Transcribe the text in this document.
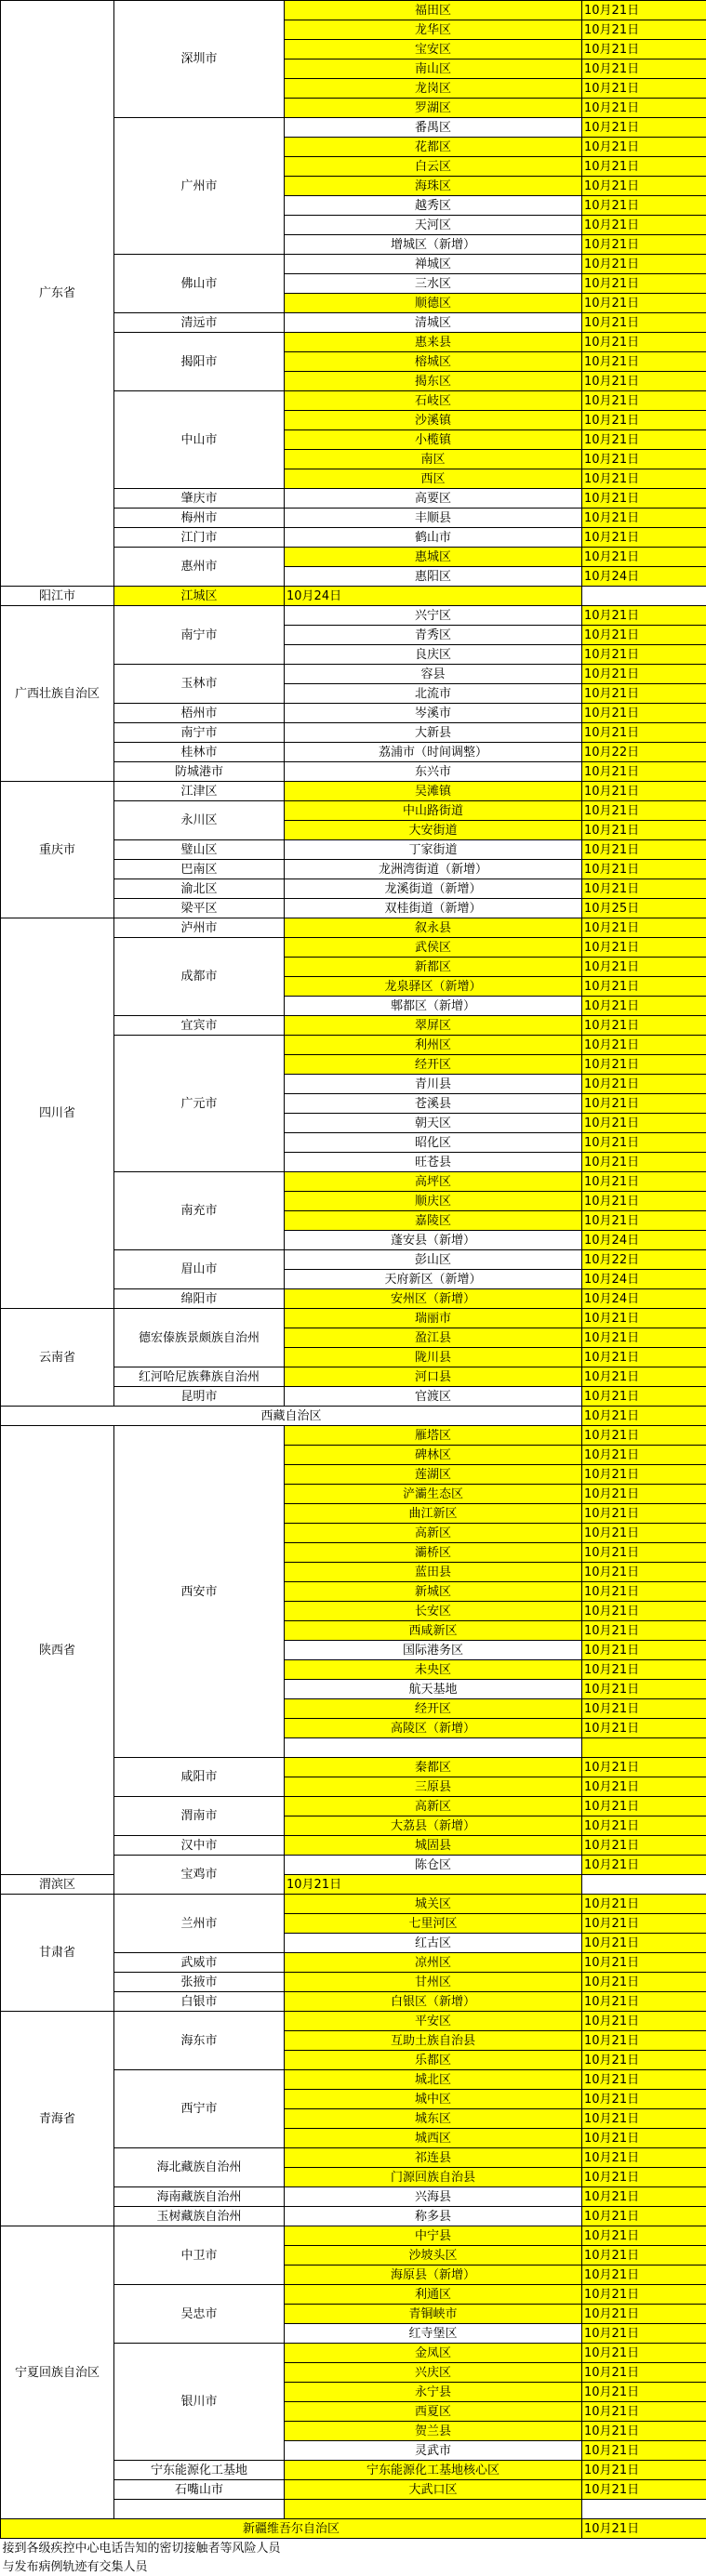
广东省	深圳市	福田区	10月21日
		龙华区	10月21日
		宝安区	10月21日
		南山区	10月21日
		龙岗区	10月21日
		罗湖区	10月21日
	广州市	番禺区	10月21日
		花都区	10月21日
		白云区	10月21日
		海珠区	10月21日
		越秀区	10月21日
		天河区	10月21日
		增城区（新增）	10月21日
	佛山市	禅城区	10月21日
		三水区	10月21日
		顺德区	10月21日
	清远市	清城区	10月21日
	揭阳市	惠来县	10月21日
		榕城区	10月21日
		揭东区	10月21日
	中山市	石岐区	10月21日
		沙溪镇	10月21日
		小榄镇	10月21日
		南区	10月21日
		西区	10月21日
	肇庆市	高要区	10月21日
	梅州市	丰顺县	10月21日
	江门市	鹤山市	10月21日
	惠州市	惠城区	10月21日
		惠阳区	10月24日
阳江市	江城区	10月24日	
广西壮族自治区	南宁市	兴宁区	10月21日
		青秀区	10月21日
		良庆区	10月21日
	玉林市	容县	10月21日
		北流市	10月21日
	梧州市	岑溪市	10月21日
	南宁市	大新县	10月21日
	桂林市	荔浦市（时间调整）	10月22日
	防城港市	东兴市	10月21日
重庆市	江津区	吴滩镇	10月21日
	永川区	中山路街道	10月21日
		大安街道	10月21日
	璧山区	丁家街道	10月21日
	巴南区	龙洲湾街道（新增）	10月21日
	渝北区	龙溪街道（新增）	10月21日
	梁平区	双桂街道（新增）	10月25日
四川省	泸州市	叙永县	10月21日
	成都市	武侯区	10月21日
		新都区	10月21日
		龙泉驿区（新增）	10月21日
		郫都区（新增）	10月21日
	宜宾市	翠屏区	10月21日
	广元市	利州区	10月21日
		经开区	10月21日
		青川县	10月21日
		苍溪县	10月21日
		朝天区	10月21日
		昭化区	10月21日
		旺苍县	10月21日
	南充市	高坪区	10月21日
		顺庆区	10月21日
		嘉陵区	10月21日
		蓬安县（新增）	10月24日
	眉山市	彭山区	10月22日
		天府新区（新增）	10月24日
	绵阳市	安州区（新增）	10月24日
云南省	德宏傣族景颇族自治州	瑞丽市	10月21日
		盈江县	10月21日
		陇川县	10月21日
	红河哈尼族彝族自治州	河口县	10月21日
	昆明市	官渡区	10月21日
西藏自治区			10月21日
陕西省	西安市	雁塔区	10月21日
		碑林区	10月21日
		莲湖区	10月21日
		浐灞生态区	10月21日
		曲江新区	10月21日
		高新区	10月21日
		灞桥区	10月21日
		蓝田县	10月21日
		新城区	10月21日
		长安区	10月21日
		西咸新区	10月21日
		国际港务区	10月21日
		未央区	10月21日
		航天基地	10月21日
		经开区	10月21日
		高陵区（新增）	10月21日

	咸阳市	秦都区	10月21日
		三原县	10月21日
	渭南市	高新区	10月21日
		大荔县（新增）	10月21日
	汉中市	城固县	10月21日
	宝鸡市	陈仓区	10月21日
渭滨区		10月21日	
甘肃省	兰州市	城关区	10月21日
		七里河区	10月21日
		红古区	10月21日
	武威市	凉州区	10月21日
	张掖市	甘州区	10月21日
	白银市	白银区（新增）	10月21日
青海省	海东市	平安区	10月21日
		互助土族自治县	10月21日
		乐都区	10月21日
	西宁市	城北区	10月21日
		城中区	10月21日
		城东区	10月21日
		城西区	10月21日
	海北藏族自治州	祁连县	10月21日
		门源回族自治县	10月21日
	海南藏族自治州	兴海县	10月21日
	玉树藏族自治州	称多县	10月21日
宁夏回族自治区	中卫市	中宁县	10月21日
		沙坡头区	10月21日
		海原县（新增）	10月21日
	吴忠市	利通区	10月21日
		青铜峡市	10月21日
		红寺堡区	10月21日
	银川市	金凤区	10月21日
		兴庆区	10月21日
		永宁县	10月21日
		西夏区	10月21日
		贺兰县	10月21日
		灵武市	10月21日
	宁东能源化工基地	宁东能源化工基地核心区	10月21日
	石嘴山市	大武口区	10月21日

新疆维吾尔自治区			10月21日
接到各级疾控中心电话告知的密切接触者等风险人员			
与发布病例轨迹有交集人员			
